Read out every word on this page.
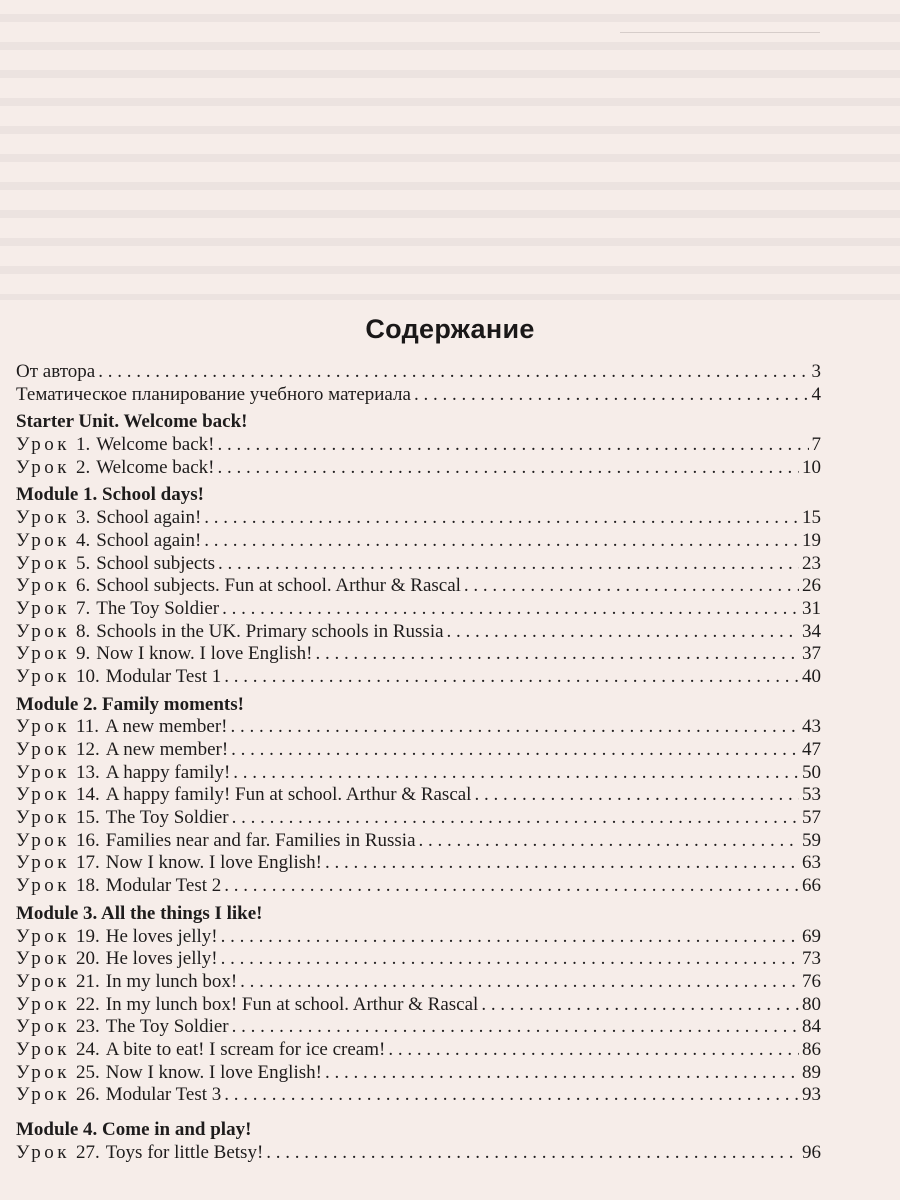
Содержание
От автора . . .	3
Тематическое планирование учебного материала . . .	4
Starter Unit. Welcome back!
Урок 1. Welcome back! . . .	7
Урок 2. Welcome back! . . .	10
Module 1. School days!
Урок 3. School again! . . .	15
Урок 4. School again! . . .	19
Урок 5. School subjects . . .	23
Урок 6. School subjects. Fun at school. Arthur & Rascal . . .	26
Урок 7. The Toy Soldier . . .	31
Урок 8. Schools in the UK. Primary schools in Russia . . .	34
Урок 9. Now I know. I love English! . . .	37
Урок 10. Modular Test 1 . . .	40
Module 2. Family moments!
Урок 11. A new member! . . .	43
Урок 12. A new member! . . .	47
Урок 13. A happy family! . . .	50
Урок 14. A happy family! Fun at school. Arthur & Rascal . . .	53
Урок 15. The Toy Soldier . . .	57
Урок 16. Families near and far. Families in Russia . . .	59
Урок 17. Now I know. I love English! . . .	63
Урок 18. Modular Test 2 . . .	66
Module 3. All the things I like!
Урок 19. He loves jelly! . . .	69
Урок 20. He loves jelly! . . .	73
Урок 21. In my lunch box! . . .	76
Урок 22. In my lunch box! Fun at school. Arthur & Rascal . . .	80
Урок 23. The Toy Soldier . . .	84
Урок 24. A bite to eat! I scream for ice cream! . . .	86
Урок 25. Now I know. I love English! . . .	89
Урок 26. Modular Test 3 . . .	93
Module 4. Come in and play!
Урок 27. Toys for little Betsy! . . .	96
